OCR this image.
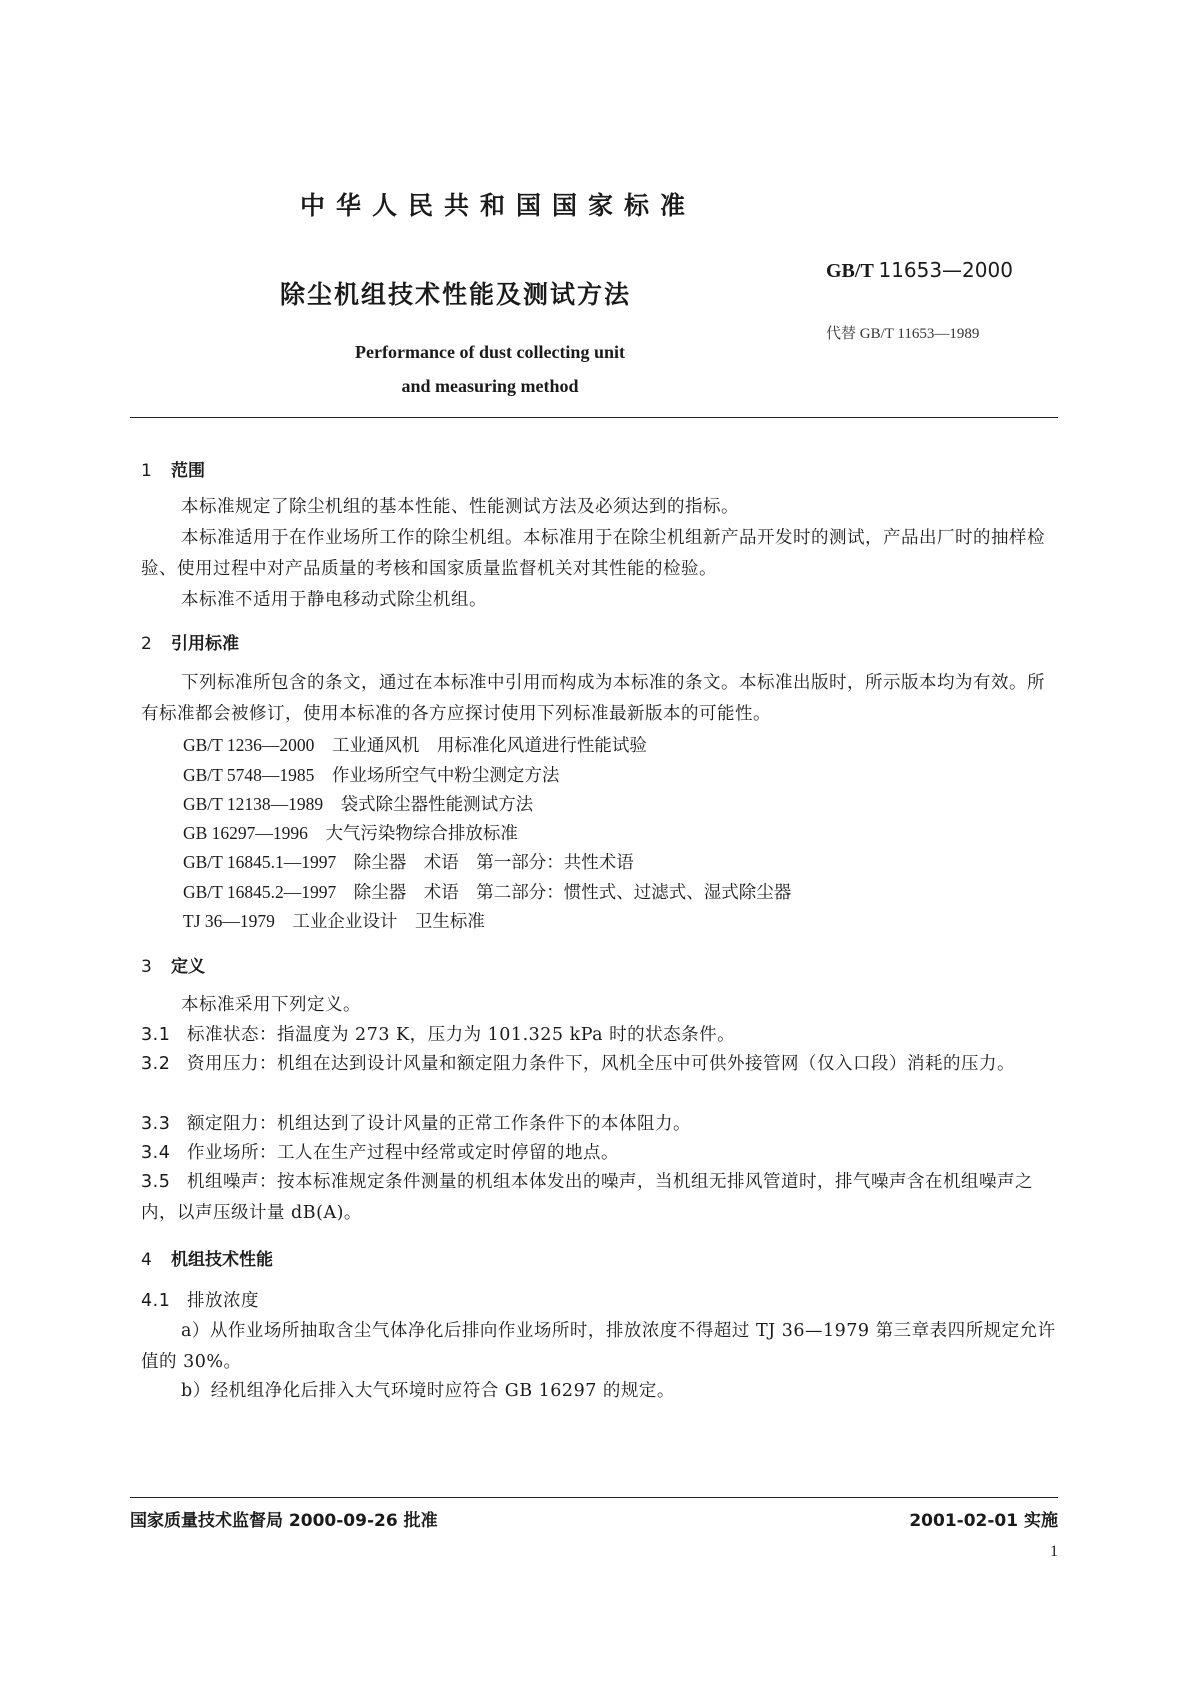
中华人民共和国国家标准
除尘机组技术性能及测试方法
GB/T 11653—2000
代替 GB/T 11653—1989
Performance of dust collecting unit
and measuring method
1 范围
本标准规定了除尘机组的基本性能、性能测试方法及必须达到的指标。
本标准适用于在作业场所工作的除尘机组。本标准用于在除尘机组新产品开发时的测试，产品出厂时的抽样检验、使用过程中对产品质量的考核和国家质量监督机关对其性能的检验。
本标准不适用于静电移动式除尘机组。
2 引用标准
下列标准所包含的条文，通过在本标准中引用而构成为本标准的条文。本标准出版时，所示版本均为有效。所有标准都会被修订，使用本标准的各方应探讨使用下列标准最新版本的可能性。
GB/T 1236—2000　 工业通风机　用标准化风道进行性能试验
GB/T 5748—1985　 作业场所空气中粉尘测定方法
GB/T 12138—1989　 袋式除尘器性能测试方法
GB 16297—1996　 大气污染物综合排放标准
GB/T 16845.1—1997　 除尘器　术语　第一部分：共性术语
GB/T 16845.2—1997　 除尘器　术语　第二部分：惯性式、过滤式、湿式除尘器
TJ 36—1979　 工业企业设计　卫生标准
3 定义
本标准采用下列定义。
3.1 标准状态：指温度为 273 K，压力为 101.325 kPa 时的状态条件。
3.2 资用压力：机组在达到设计风量和额定阻力条件下，风机全压中可供外接管网（仅入口段）消耗的压力。
3.3 额定阻力：机组达到了设计风量的正常工作条件下的本体阻力。
3.4 作业场所：工人在生产过程中经常或定时停留的地点。
3.5 机组噪声：按本标准规定条件测量的机组本体发出的噪声，当机组无排风管道时，排气噪声含在机组噪声之内，以声压级计量 dB(A)。
4 机组技术性能
4.1 排放浓度
a）从作业场所抽取含尘气体净化后排向作业场所时，排放浓度不得超过 TJ 36—1979 第三章表四所规定允许值的 30%。
b）经机组净化后排入大气环境时应符合 GB 16297 的规定。
国家质量技术监督局 2000-09-26 批准	2001-02-01 实施
1
